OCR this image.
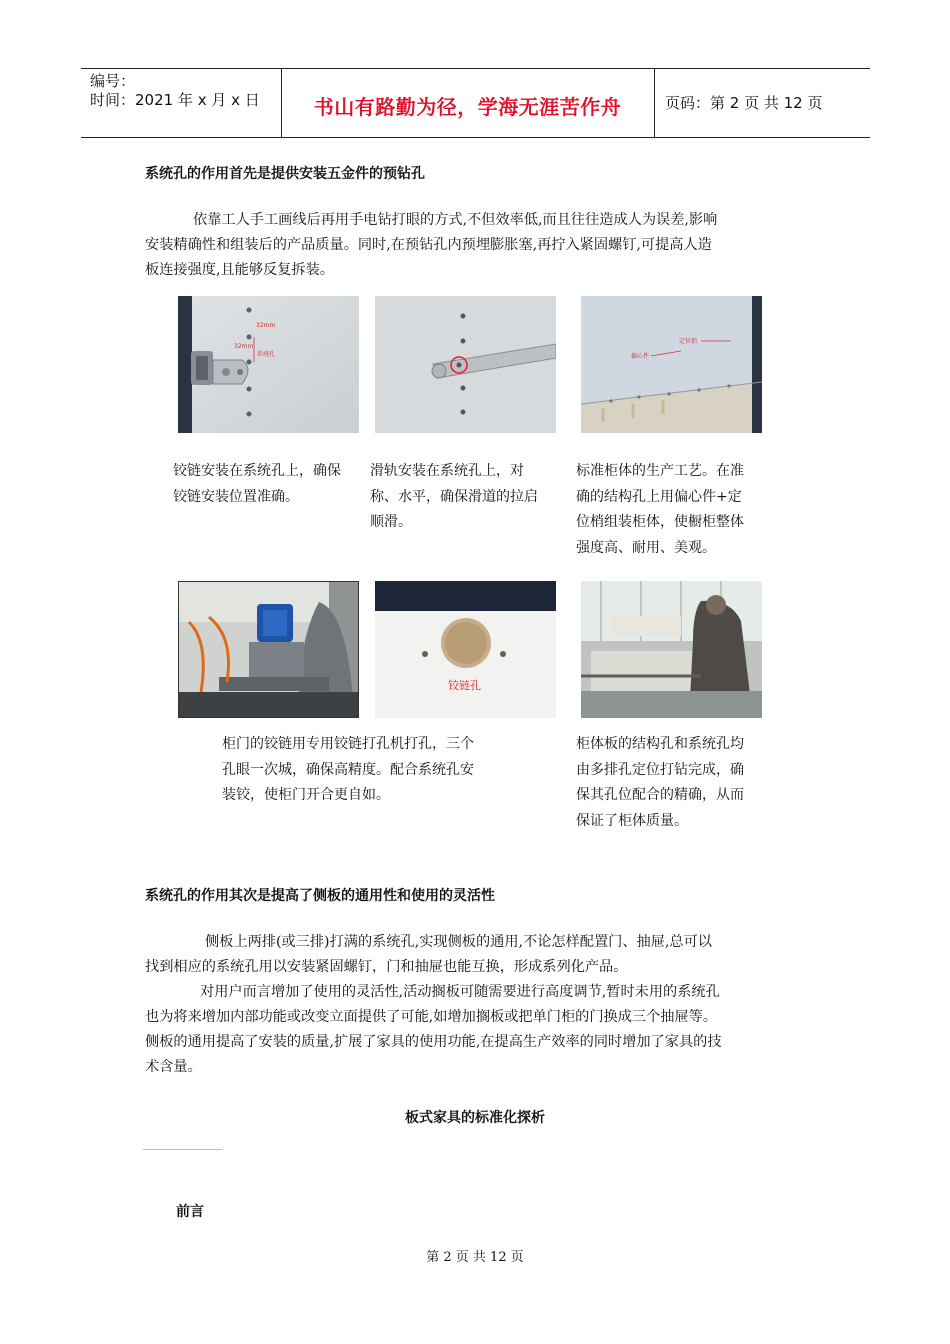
编号：
时间：2021 年 x 月 x 日	书山有路勤为径，学海无涯苦作舟	页码：第 2 页 共 12 页
系统孔的作用首先是提供安装五金件的预钻孔
依靠工人手工画线后再用手电钻打眼的方式,不但效率低,而且往往造成人为误差,影响
安装精确性和组装后的产品质量。同时,在预钻孔内预埋膨胀塞,再拧入紧固螺钉,可提高人造
板连接强度,且能够反复拆装。
32mm
32mm
系统孔
定位销
偏心件
铰链安装在系统孔上，确保
铰链安装位置准确。
滑轨安装在系统孔上，对
称、水平，确保滑道的拉启
顺滑。
标准柜体的生产工艺。在准
确的结构孔上用偏心件+定
位梢组装柜体，使橱柜整体
强度高、耐用、美观。
铰链孔
柜门的铰链用专用铰链打孔机打孔，三个
孔眼一次城，确保高精度。配合系统孔安
装铰，使柜门开合更自如。
柜体板的结构孔和系统孔均
由多排孔定位打钻完成，确
保其孔位配合的精确，从而
保证了柜体质量。
系统孔的作用其次是提高了侧板的通用性和使用的灵活性
侧板上两排(或三排)打满的系统孔,实现侧板的通用,不论怎样配置门、抽屉,总可以
找到相应的系统孔用以安装紧固螺钉，门和抽屉也能互换，形成系列化产品。
对用户而言增加了使用的灵活性,活动搁板可随需要进行高度调节,暂时未用的系统孔
也为将来增加内部功能或改变立面提供了可能,如增加搁板或把单门柜的门换成三个抽屉等。
侧板的通用提高了安装的质量,扩展了家具的使用功能,在提高生产效率的同时增加了家具的技
术含量。
板式家具的标准化探析
前言
第 2 页 共 12 页
